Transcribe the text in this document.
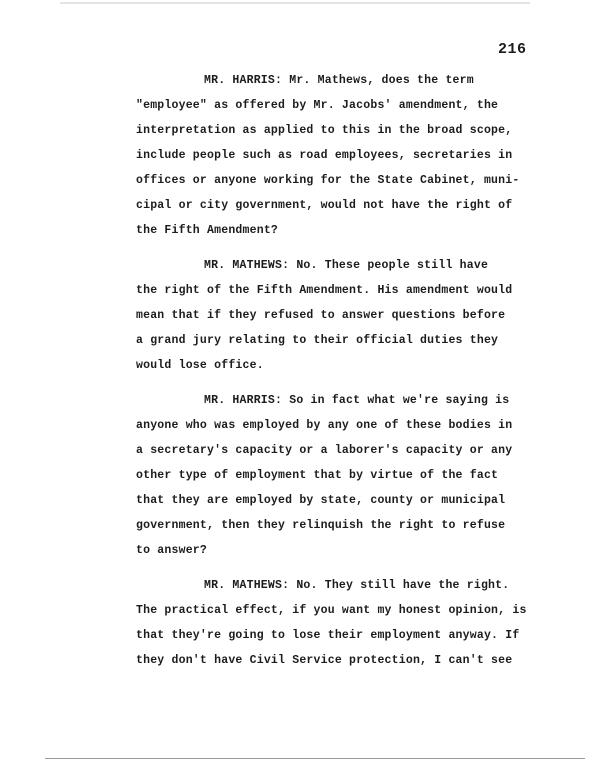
216
MR. HARRIS: Mr. Mathews, does the term
"employee" as offered by Mr. Jacobs' amendment, the
interpretation as applied to this in the broad scope,
include people such as road employees, secretaries in
offices or anyone working for the State Cabinet, muni-
cipal or city government, would not have the right of
the Fifth Amendment?
MR. MATHEWS: No. These people still have
the right of the Fifth Amendment. His amendment would
mean that if they refused to answer questions before
a grand jury relating to their official duties they
would lose office.
MR. HARRIS: So in fact what we're saying is
anyone who was employed by any one of these bodies in
a secretary's capacity or a laborer's capacity or any
other type of employment that by virtue of the fact
that they are employed by state, county or municipal
government, then they relinquish the right to refuse
to answer?
MR. MATHEWS: No. They still have the right.
The practical effect, if you want my honest opinion, is
that they're going to lose their employment anyway. If
they don't have Civil Service protection, I can't see
